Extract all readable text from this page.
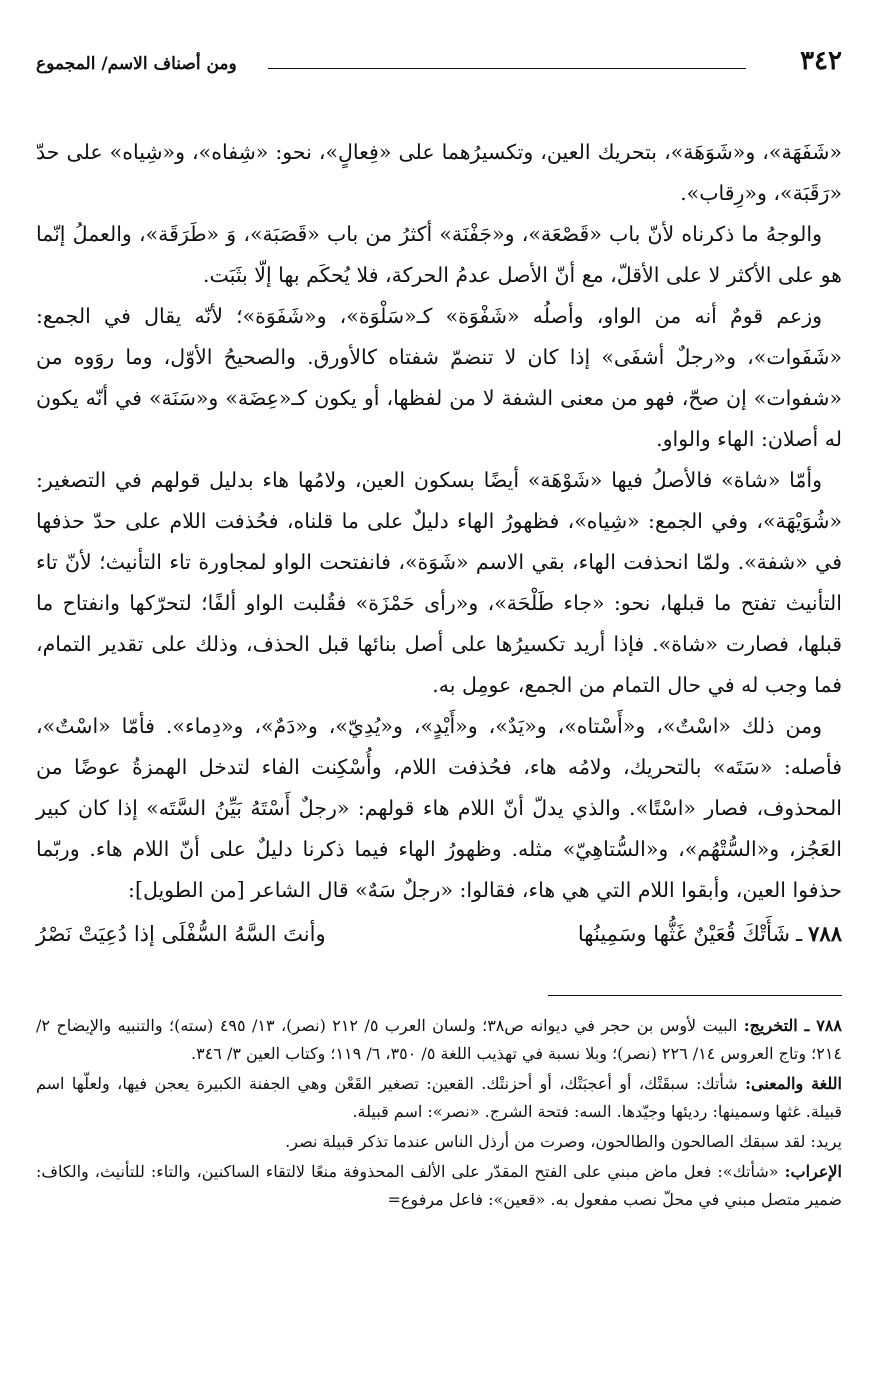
٣٤٢
ومن أصناف الاسم/ المجموع

«شَفَهَة»، و«شَوَهَة»، بتحريك العين، وتكسيرُهما على «فِعالٍ»، نحو: «شِفاه»، و«شِياه» على حدّ «رَقَبَة»، و«رِقاب».

والوجهُ ما ذكرناه لأنّ باب «قَصْعَة»، و«جَفْنَة» أكثرُ من باب «قَصَبَة»، وَ «طَرَقَة»، والعملُ إنّما هو على الأكثر لا على الأقلّ، مع أنّ الأصل عدمُ الحركة، فلا يُحكَم بها إلّا بثَبَت.

وزعم قومٌ أنه من الواو، وأصلُه «شَفْوَة» كـ«سَلْوَة»، و«شَفَوَة»؛ لأنّه يقال في الجمع: «شَفَوات»، و«رجلٌ أشفَى» إذا كان لا تنضمّ شفتاه كالأورق. والصحيحُ الأوّل، وما روَوه من «شفوات» إن صحّ، فهو من معنى الشفة لا من لفظها، أو يكون كـ«عِضَة» و«سَنَة» في أنّه يكون له أصلان: الهاء والواو.

وأمّا «شاة» فالأصلُ فيها «شَوْهَة» أيضًا بسكون العين، ولامُها هاء بدليل قولهم في التصغير: «شُوَيْهَة»، وفي الجمع: «شِياه»، فظهورُ الهاء دليلٌ على ما قلناه، فحُذفت اللام على حدّ حذفها في «شفة». ولمّا انحذفت الهاء، بقي الاسم «شَوَة»، فانفتحت الواو لمجاورة تاء التأنيث؛ لأنّ تاء التأنيث تفتح ما قبلها، نحو: «جاء طَلْحَة»، و«رأى حَمْزَة» فقُلبت الواو ألفًا؛ لتحرّكها وانفتاح ما قبلها، فصارت «شاة». فإذا أريد تكسيرُها على أصل بنائها قبل الحذف، وذلك على تقدير التمام، فما وجب له في حال التمام من الجمع، عومِل به.

ومن ذلك «اسْتٌ»، و«أَسْتاه»، و«يَدٌ»، و«أَيْدٍ»، و«يُدِيّ»، و«دَمٌ»، و«دِماء». فأمّا «اسْتٌ»، فأصله: «سَتَه» بالتحريك، ولامُه هاء، فحُذفت اللام، وأُسْكِنت الفاء لتدخل الهمزةُ عوضًا من المحذوف، فصار «اسْتًا». والذي يدلّ أنّ اللام هاء قولهم: «رجلٌ أَسْتَهُ بَيِّنُ السَّتَه» إذا كان كبير العَجُز، و«السُّتْهُم»، و«السُّتاهِيّ» مثله. وظهورُ الهاء فيما ذكرنا دليلٌ على أنّ اللام هاء. وربّما حذفوا العين، وأبقوا اللام التي هي هاء، فقالوا: «رجلٌ سَهٌ» قال الشاعر [من الطويل]:

٧٨٨
ـ
شَأَتْكَ قُعَيْنٌ غَثُّها وسَمِينُها
وأنتَ السَّهُ السُّفْلَى إذا دُعِيَتْ نَصْرُ

٧٨٨ ـ التخريج: البيت لأوس بن حجر في ديوانه ص٣٨؛ ولسان العرب ٥/ ٢١٢ (نصر)، ١٣/ ٤٩٥ (سته)؛ والتنبيه والإيضاح ٢/ ٢١٤؛ وتاج العروس ١٤/ ٢٢٦ (نصر)؛ وبلا نسبة في تهذيب اللغة ٥/ ٣٥٠، ٦/ ١١٩؛ وكتاب العين ٣/ ٣٤٦.

اللغة والمعنى: شأتك: سبقَتْك، أو أعجبَتْك، أو أحزنتْك. القعين: تصغير القَعْن وهي الجفنة الكبيرة يعجن فيها، ولعلّها اسم قبيلة. غثها وسمينها: رديئها وجيّدها. السه: فتحة الشرج. «نصر»: اسم قبيلة.

يريد: لقد سبقك الصالحون والطالحون، وصرت من أرذل الناس عندما تذكر قبيلة نصر.

الإعراب: «شأتك»: فعل ماض مبني على الفتح المقدّر على الألف المحذوفة منعًا لالتقاء الساكنين، والتاء: للتأنيث، والكاف: ضمير متصل مبني في محلّ نصب مفعول به. «قعين»: فاعل مرفوع=
